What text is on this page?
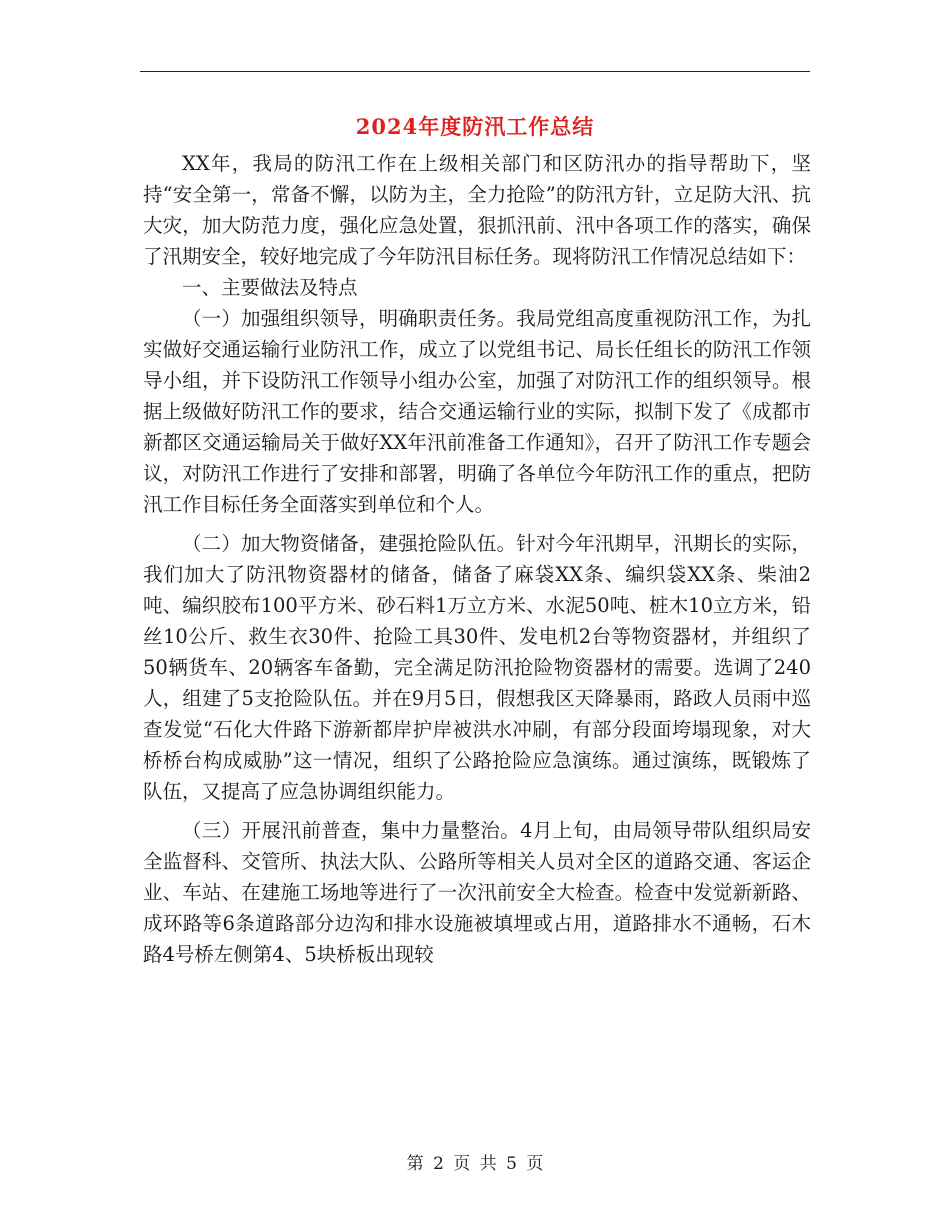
2024年度防汛工作总结

XX年，我局的防汛工作在上级相关部门和区防汛办的指导帮助下，坚持“安全第一，常备不懈，以防为主，全力抢险”的防汛方针，立足防大汛、抗大灾，加大防范力度，强化应急处置，狠抓汛前、汛中各项工作的落实，确保了汛期安全，较好地完成了今年防汛目标任务。现将防汛工作情况总结如下：

一、主要做法及特点

（一）加强组织领导，明确职责任务。我局党组高度重视防汛工作，为扎实做好交通运输行业防汛工作，成立了以党组书记、局长任组长的防汛工作领导小组，并下设防汛工作领导小组办公室，加强了对防汛工作的组织领导。根据上级做好防汛工作的要求，结合交通运输行业的实际，拟制下发了《成都市新都区交通运输局关于做好XX年汛前准备工作通知》，召开了防汛工作专题会议，对防汛工作进行了安排和部署，明确了各单位今年防汛工作的重点，把防汛工作目标任务全面落实到单位和个人。

（二）加大物资储备，建强抢险队伍。针对今年汛期早，汛期长的实际，我们加大了防汛物资器材的储备，储备了麻袋XX条、编织袋XX条、柴油2吨、编织胶布100平方米、砂石料1万立方米、水泥50吨、桩木10立方米，铅丝10公斤、救生衣30件、抢险工具30件、发电机2台等物资器材，并组织了50辆货车、20辆客车备勤，完全满足防汛抢险物资器材的需要。选调了240人，组建了5支抢险队伍。并在9月5日，假想我区天降暴雨，路政人员雨中巡查发觉“石化大件路下游新都岸护岸被洪水冲刷，有部分段面垮塌现象，对大桥桥台构成威胁”这一情况，组织了公路抢险应急演练。通过演练，既锻炼了队伍，又提高了应急协调组织能力。

（三）开展汛前普查，集中力量整治。4月上旬，由局领导带队组织局安全监督科、交管所、执法大队、公路所等相关人员对全区的道路交通、客运企业、车站、在建施工场地等进行了一次汛前安全大检查。检查中发觉新新路、成环路等6条道路部分边沟和排水设施被填埋或占用，道路排水不通畅，石木路4号桥左侧第4、5块桥板出现较

第 2 页 共 5 页
